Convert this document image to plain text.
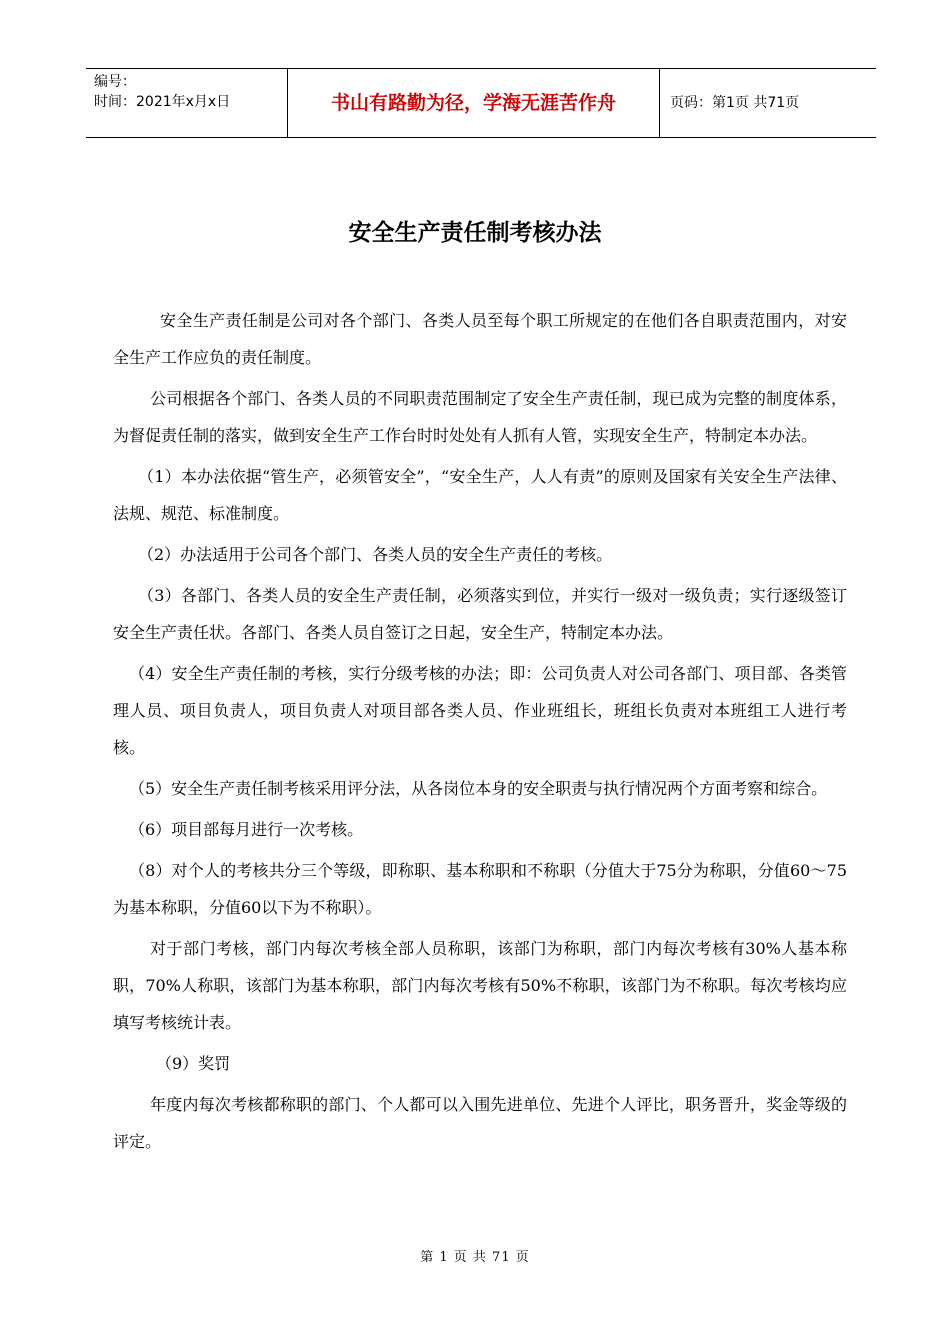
编号：
时间：2021年x月x日	书山有路勤为径，学海无涯苦作舟	页码：第1页 共71页
安全生产责任制考核办法

安全生产责任制是公司对各个部门、各类人员至每个职工所规定的在他们各自职责范围内，对安全生产工作应负的责任制度。

公司根据各个部门、各类人员的不同职责范围制定了安全生产责任制，现已成为完整的制度体系，为督促责任制的落实，做到安全生产工作台时时处处有人抓有人管，实现安全生产，特制定本办法。

（1）本办法依据“管生产，必须管安全”，“安全生产，人人有责”的原则及国家有关安全生产法律、法规、规范、标准制度。

（2）办法适用于公司各个部门、各类人员的安全生产责任的考核。

（3）各部门、各类人员的安全生产责任制，必须落实到位，并实行一级对一级负责；实行逐级签订安全生产责任状。各部门、各类人员自签订之日起，安全生产，特制定本办法。

（4）安全生产责任制的考核，实行分级考核的办法；即：公司负责人对公司各部门、项目部、各类管理人员、项目负责人，项目负责人对项目部各类人员、作业班组长，班组长负责对本班组工人进行考核。

（5）安全生产责任制考核采用评分法，从各岗位本身的安全职责与执行情况两个方面考察和综合。

（6）项目部每月进行一次考核。

（8）对个人的考核共分三个等级，即称职、基本称职和不称职（分值大于75分为称职，分值60～75为基本称职，分值60以下为不称职）。

对于部门考核，部门内每次考核全部人员称职，该部门为称职，部门内每次考核有30%人基本称职，70%人称职，该部门为基本称职，部门内每次考核有50%不称职，该部门为不称职。每次考核均应填写考核统计表。

（9）奖罚

年度内每次考核都称职的部门、个人都可以入围先进单位、先进个人评比，职务晋升，奖金等级的评定。

第 1 页 共 71 页
